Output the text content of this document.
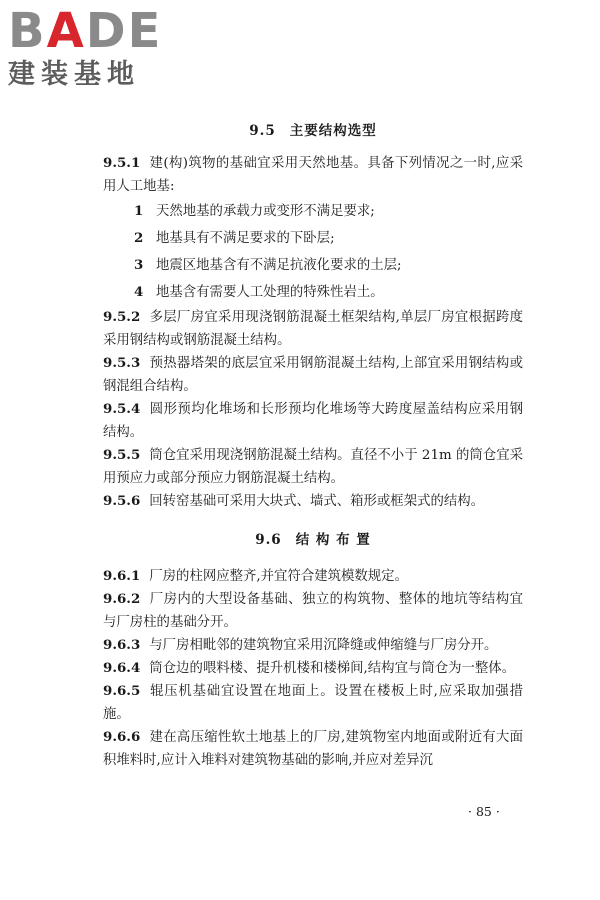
BADE
建装基地
9.5 主要结构选型

9.5.1 建(构)筑物的基础宜采用天然地基。具备下列情况之一时,应采用人工地基:

1 天然地基的承载力或变形不满足要求;

2 地基具有不满足要求的下卧层;

3 地震区地基含有不满足抗液化要求的土层;

4 地基含有需要人工处理的特殊性岩土。

9.5.2 多层厂房宜采用现浇钢筋混凝土框架结构,单层厂房宜根据跨度采用钢结构或钢筋混凝土结构。

9.5.3 预热器塔架的底层宜采用钢筋混凝土结构,上部宜采用钢结构或钢混组合结构。

9.5.4 圆形预均化堆场和长形预均化堆场等大跨度屋盖结构应采用钢结构。

9.5.5 筒仓宜采用现浇钢筋混凝土结构。直径不小于 21m 的筒仓宜采用预应力或部分预应力钢筋混凝土结构。

9.5.6 回转窑基础可采用大块式、墙式、箱形或框架式的结构。

9.6 结 构 布 置

9.6.1 厂房的柱网应整齐,并宜符合建筑模数规定。

9.6.2 厂房内的大型设备基础、独立的构筑物、整体的地坑等结构宜与厂房柱的基础分开。

9.6.3 与厂房相毗邻的建筑物宜采用沉降缝或伸缩缝与厂房分开。

9.6.4 筒仓边的喂料楼、提升机楼和楼梯间,结构宜与筒仓为一整体。

9.6.5 辊压机基础宜设置在地面上。设置在楼板上时,应采取加强措施。

9.6.6 建在高压缩性软土地基上的厂房,建筑物室内地面或附近有大面积堆料时,应计入堆料对建筑物基础的影响,并应对差异沉

· 85 ·
